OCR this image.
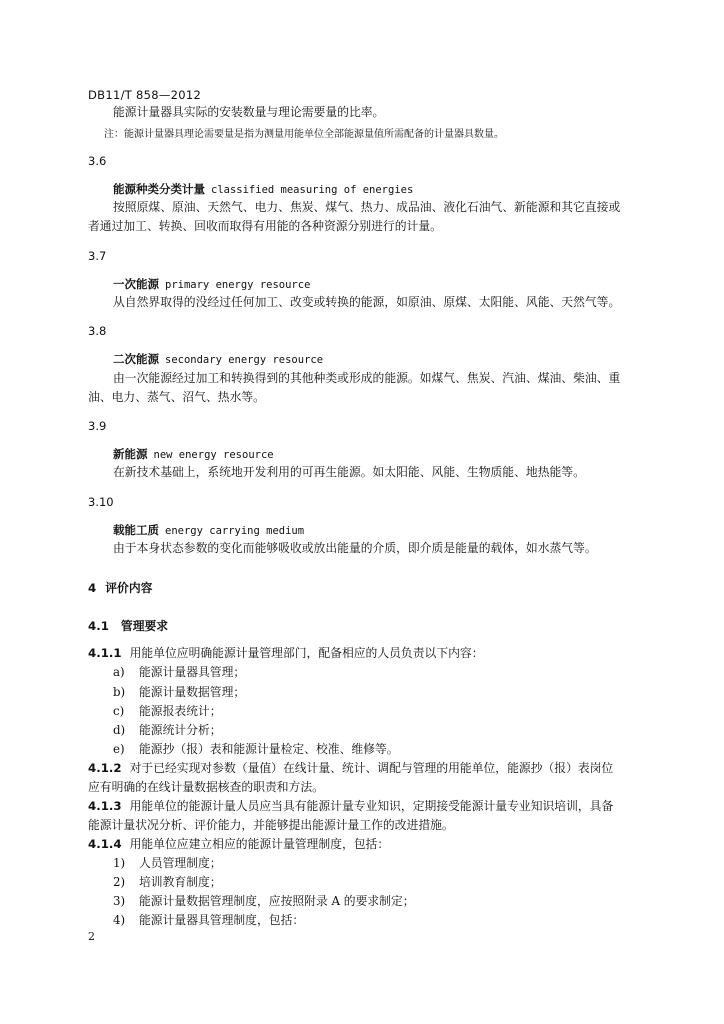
DB11/T 858—2012
能源计量器具实际的安装数量与理论需要量的比率。
注：能源计量器具理论需要量是指为测量用能单位全部能源量值所需配备的计量器具数量。
3.6
能源种类分类计量 classified measuring of energies
按照原煤、原油、天然气、电力、焦炭、煤气、热力、成品油、液化石油气、新能源和其它直接或
者通过加工、转换、回收而取得有用能的各种资源分别进行的计量。
3.7
一次能源 primary energy resource
从自然界取得的没经过任何加工、改变或转换的能源，如原油、原煤、太阳能、风能、天然气等。
3.8
二次能源 secondary energy resource
由一次能源经过加工和转换得到的其他种类或形成的能源。如煤气、焦炭、汽油、煤油、柴油、重
油、电力、蒸气、沼气、热水等。
3.9
新能源 new energy resource
在新技术基础上，系统地开发利用的可再生能源。如太阳能、风能、生物质能、地热能等。
3.10
载能工质 energy carrying medium
由于本身状态参数的变化而能够吸收或放出能量的介质，即介质是能量的载体，如水蒸气等。
4 评价内容
4.1 管理要求
4.1.1 用能单位应明确能源计量管理部门，配备相应的人员负责以下内容：
a) 能源计量器具管理；
b) 能源计量数据管理；
c) 能源报表统计；
d) 能源统计分析；
e) 能源抄（报）表和能源计量检定、校准、维修等。
4.1.2 对于已经实现对参数（量值）在线计量、统计、调配与管理的用能单位，能源抄（报）表岗位
应有明确的在线计量数据核查的职责和方法。
4.1.3 用能单位的能源计量人员应当具有能源计量专业知识，定期接受能源计量专业知识培训，具备
能源计量状况分析、评价能力，并能够提出能源计量工作的改进措施。
4.1.4 用能单位应建立相应的能源计量管理制度，包括：
1) 人员管理制度；
2) 培训教育制度；
3) 能源计量数据管理制度，应按照附录 A 的要求制定；
4) 能源计量器具管理制度，包括：
2
